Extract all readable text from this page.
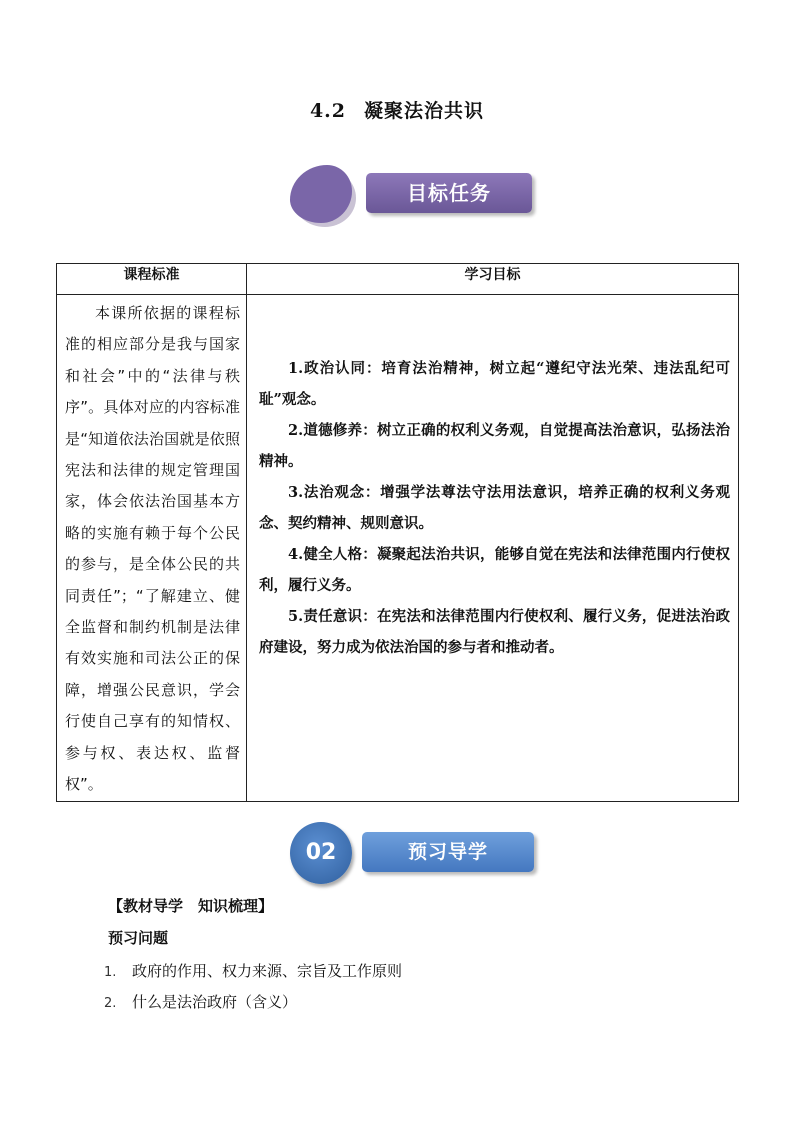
4.2 凝聚法治共识
目标任务
课程标准	学习目标
本课所依据的课程标准的相应部分是我与国家和社会”中的“法律与秩序”。具体对应的内容标准是“知道依法治国就是依照宪法和法律的规定管理国家，体会依法治国基本方略的实施有赖于每个公民的参与，是全体公民的共同责任”；“了解建立、健全监督和制约机制是法律有效实施和司法公正的保障，增强公民意识，学会行使自己享有的知情权、参与权、表达权、监督权”。	1.政治认同：培育法治精神，树立起“遵纪守法光荣、违法乱纪可耻”观念。

2.道德修养：树立正确的权利义务观，自觉提高法治意识，弘扬法治精神。

3.法治观念：增强学法尊法守法用法意识，培养正确的权利义务观念、契约精神、规则意识。

4.健全人格：凝聚起法治共识，能够自觉在宪法和法律范围内行使权利，履行义务。

5.责任意识：在宪法和法律范围内行使权利、履行义务，促进法治政府建设，努力成为依法治国的参与者和推动者。

02	预习导学
【教材导学　知识梳理】
预习问题
1. 政府的作用、权力来源、宗旨及工作原则
2. 什么是法治政府（含义）
